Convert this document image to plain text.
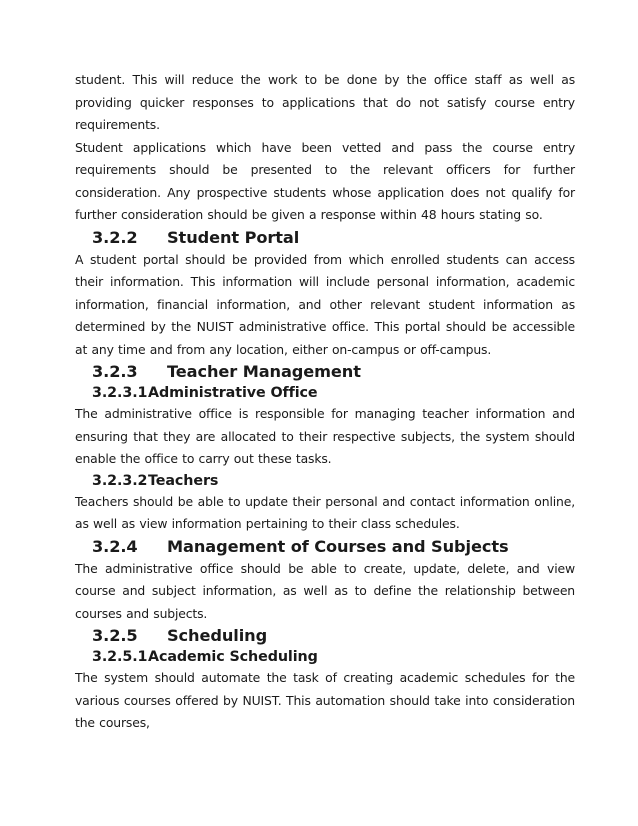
student. This will reduce the work to be done by the office staff as well as providing quicker responses to applications that do not satisfy course entry requirements.

Student applications which have been vetted and pass the course entry requirements should be presented to the relevant officers for further consideration. Any prospective students whose application does not qualify for further consideration should be given a response within 48 hours stating so.

3.2.2	Student Portal

A student portal should be provided from which enrolled students can access their information. This information will include personal information, academic information, financial information, and other relevant student information as determined by the NUIST administrative office. This portal should be accessible at any time and from any location, either on-campus or off-campus.

3.2.3	Teacher Management
3.2.3.1 Administrative Office

The administrative office is responsible for managing teacher information and ensuring that they are allocated to their respective subjects, the system should enable the office to carry out these tasks.

3.2.3.2 Teachers

Teachers should be able to update their personal and contact information online, as well as view information pertaining to their class schedules.

3.2.4	Management of Courses and Subjects

The administrative office should be able to create, update, delete, and view course and subject information, as well as to define the relationship between courses and subjects.

3.2.5	Scheduling
3.2.5.1 Academic Scheduling

The system should automate the task of creating academic schedules for the various courses offered by NUIST. This automation should take into consideration the courses,
